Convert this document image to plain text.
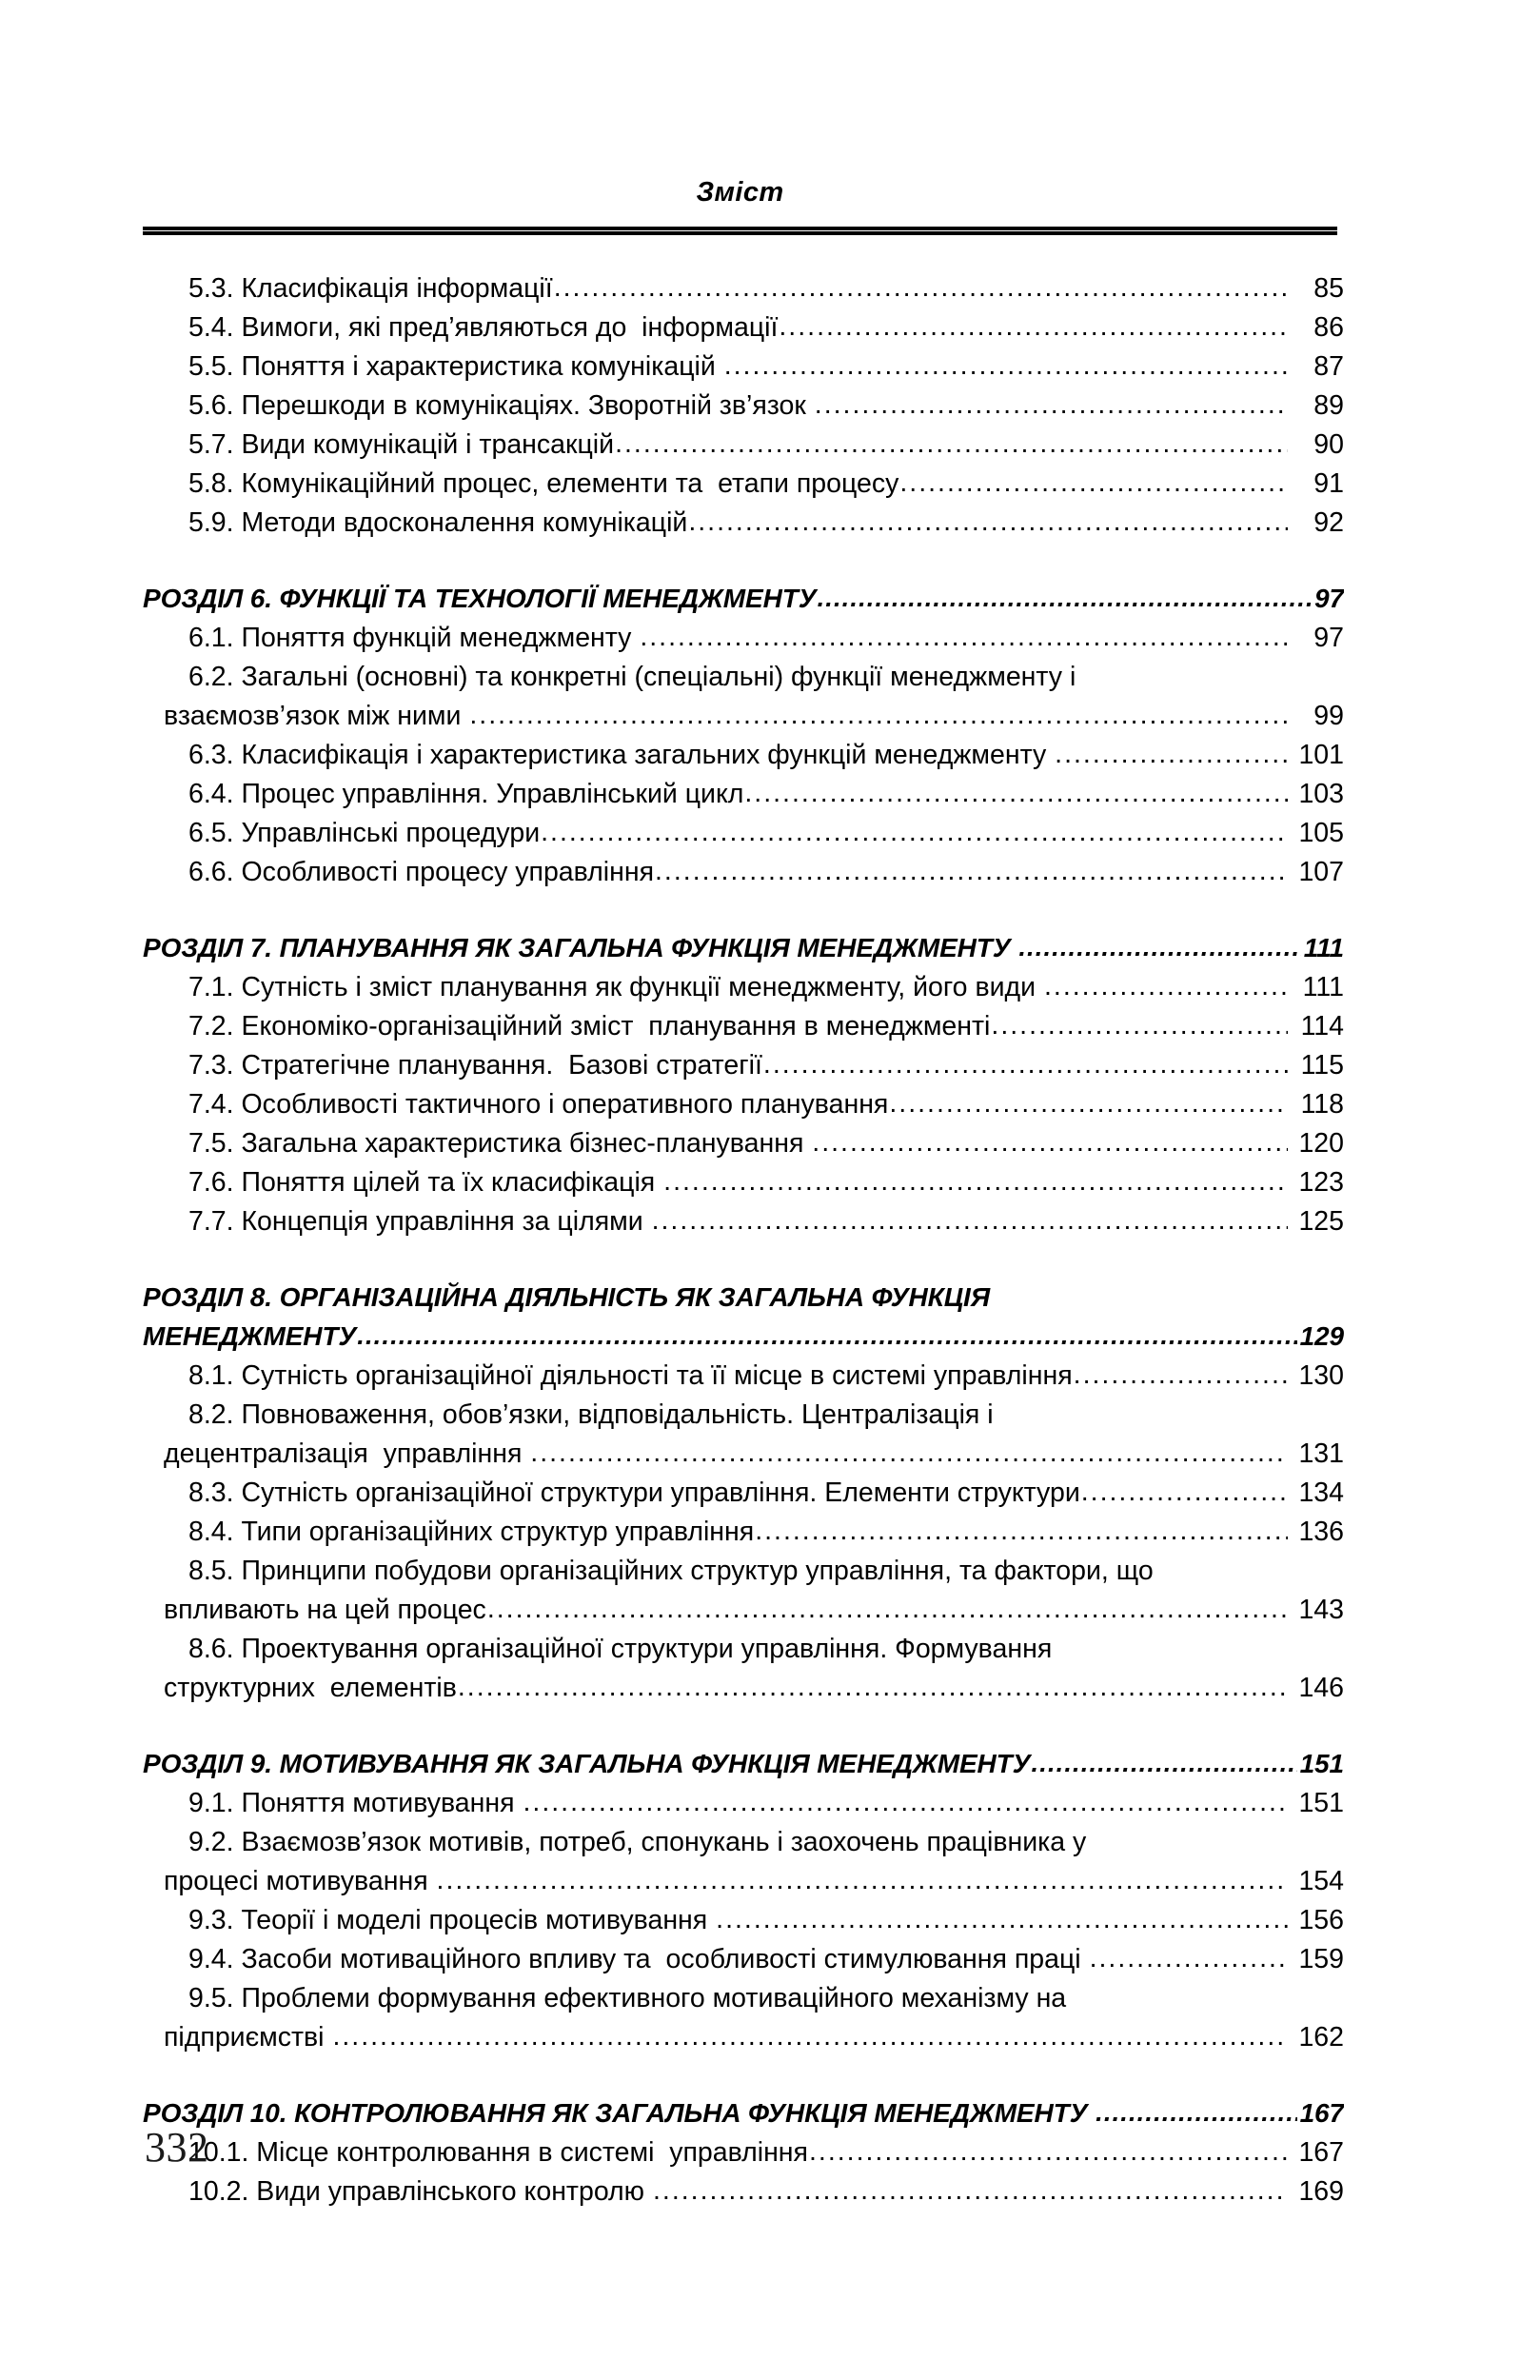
Зміст
5.3. Класифікація інформації .....	85
5.4. Вимоги, які пред’являються до  інформації .....	86
5.5. Поняття і характеристика комунікацій .....	87
5.6. Перешкоди в комунікаціях. Зворотній зв’язок .....	89
5.7. Види комунікацій і трансакцій .....	90
5.8. Комунікаційний процес, елементи та  етапи процесу .....	91
5.9. Методи вдосконалення комунікацій .....	92
РОЗДІЛ 6. ФУНКЦІЇ ТА ТЕХНОЛОГІЇ МЕНЕДЖМЕНТУ .....	97
6.1. Поняття функцій менеджменту .....	97
6.2. Загальні (основні) та конкретні (спеціальні) функції менеджменту і
взаємозв’язок між ними .....	99
6.3. Класифікація і характеристика загальних функцій менеджменту .....	101
6.4. Процес управління. Управлінський цикл .....	103
6.5. Управлінські процедури .....	105
6.6. Особливості процесу управління .....	107
РОЗДІЛ 7. ПЛАНУВАННЯ ЯК ЗАГАЛЬНА ФУНКЦІЯ МЕНЕДЖМЕНТУ .....	111
7.1. Сутність і зміст планування як функції менеджменту, його види .....	111
7.2. Економіко-організаційний зміст  планування в менеджменті .....	114
7.3. Стратегічне планування.  Базові стратегії .....	115
7.4. Особливості тактичного і оперативного планування .....	118
7.5. Загальна характеристика бізнес-планування .....	120
7.6. Поняття цілей та їх класифікація .....	123
7.7. Концепція управління за цілями .....	125
РОЗДІЛ 8. ОРГАНІЗАЦІЙНА ДІЯЛЬНІСТЬ ЯК ЗАГАЛЬНА ФУНКЦІЯ
МЕНЕДЖМЕНТУ .....	129
8.1. Сутність організаційної діяльності та її місце в системі управління .....	130
8.2. Повноваження, обов’язки, відповідальність. Централізація і
децентралізація  управління .....	131
8.3. Сутність організаційної структури управління. Елементи структури .....	134
8.4. Типи організаційних структур управління .....	136
8.5. Принципи побудови організаційних структур управління, та фактори, що
впливають на цей процес .....	143
8.6. Проектування організаційної структури управління. Формування
структурних  елементів .....	146
РОЗДІЛ 9. МОТИВУВАННЯ ЯК ЗАГАЛЬНА ФУНКЦІЯ МЕНЕДЖМЕНТУ .....	151
9.1. Поняття мотивування .....	151
9.2. Взаємозв’язок мотивів, потреб, спонукань і заохочень працівника у
процесі мотивування .....	154
9.3. Теорії і моделі процесів мотивування .....	156
9.4. Засоби мотиваційного впливу та  особливості стимулювання праці .....	159
9.5. Проблеми формування ефективного мотиваційного механізму на
підприємстві .....	162
РОЗДІЛ 10. КОНТРОЛЮВАННЯ ЯК ЗАГАЛЬНА ФУНКЦІЯ МЕНЕДЖМЕНТУ .....	167
10.1. Місце контролювання в системі  управління .....	167
10.2. Види управлінського контролю .....	169
332
